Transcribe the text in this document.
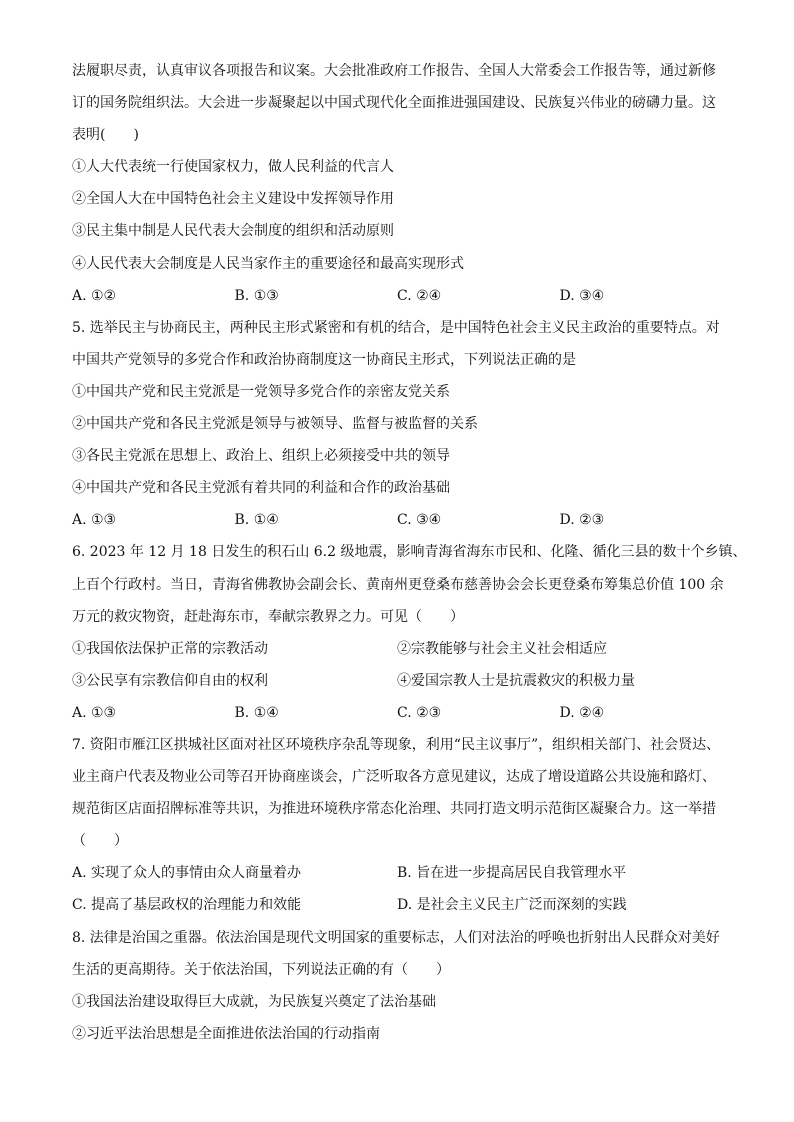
法履职尽责，认真审议各项报告和议案。大会批准政府工作报告、全国人大常委会工作报告等，通过新修
订的国务院组织法。大会进一步凝聚起以中国式现代化全面推进强国建设、民族复兴伟业的磅礴力量。这
表明(　　)
①人大代表统一行使国家权力，做人民利益的代言人
②全国人大在中国特色社会主义建设中发挥领导作用
③民主集中制是人民代表大会制度的组织和活动原则
④人民代表大会制度是人民当家作主的重要途径和最高实现形式
A. ①②	B. ①③	C. ②④	D. ③④
5. 选举民主与协商民主，两种民主形式紧密和有机的结合，是中国特色社会主义民主政治的重要特点。对
中国共产党领导的多党合作和政治协商制度这一协商民主形式，下列说法正确的是
①中国共产党和民主党派是一党领导多党合作的亲密友党关系
②中国共产党和各民主党派是领导与被领导、监督与被监督的关系
③各民主党派在思想上、政治上、组织上必须接受中共的领导
④中国共产党和各民主党派有着共同的利益和合作的政治基础
A. ①③	B. ①④	C. ③④	D. ②③
6. 2023 年 12 月 18 日发生的积石山 6.2 级地震，影响青海省海东市民和、化隆、循化三县的数十个乡镇、
上百个行政村。当日，青海省佛教协会副会长、黄南州更登桑布慈善协会会长更登桑布筹集总价值 100 余
万元的救灾物资，赶赴海东市，奉献宗教界之力。可见（　　）
①我国依法保护正常的宗教活动	②宗教能够与社会主义社会相适应
③公民享有宗教信仰自由的权利	④爱国宗教人士是抗震救灾的积极力量
A. ①③	B. ①④	C. ②③	D. ②④
7. 资阳市雁江区拱城社区面对社区环境秩序杂乱等现象，利用“民主议事厅”，组织相关部门、社会贤达、
业主商户代表及物业公司等召开协商座谈会，广泛听取各方意见建议，达成了增设道路公共设施和路灯、
规范街区店面招牌标准等共识，为推进环境秩序常态化治理、共同打造文明示范街区凝聚合力。这一举措
（　　）
A. 实现了众人的事情由众人商量着办	B. 旨在进一步提高居民自我管理水平
C. 提高了基层政权的治理能力和效能	D. 是社会主义民主广泛而深刻的实践
8. 法律是治国之重器。依法治国是现代文明国家的重要标志，人们对法治的呼唤也折射出人民群众对美好
生活的更高期待。关于依法治国，下列说法正确的有（　　）
①我国法治建设取得巨大成就，为民族复兴奠定了法治基础
②习近平法治思想是全面推进依法治国的行动指南
